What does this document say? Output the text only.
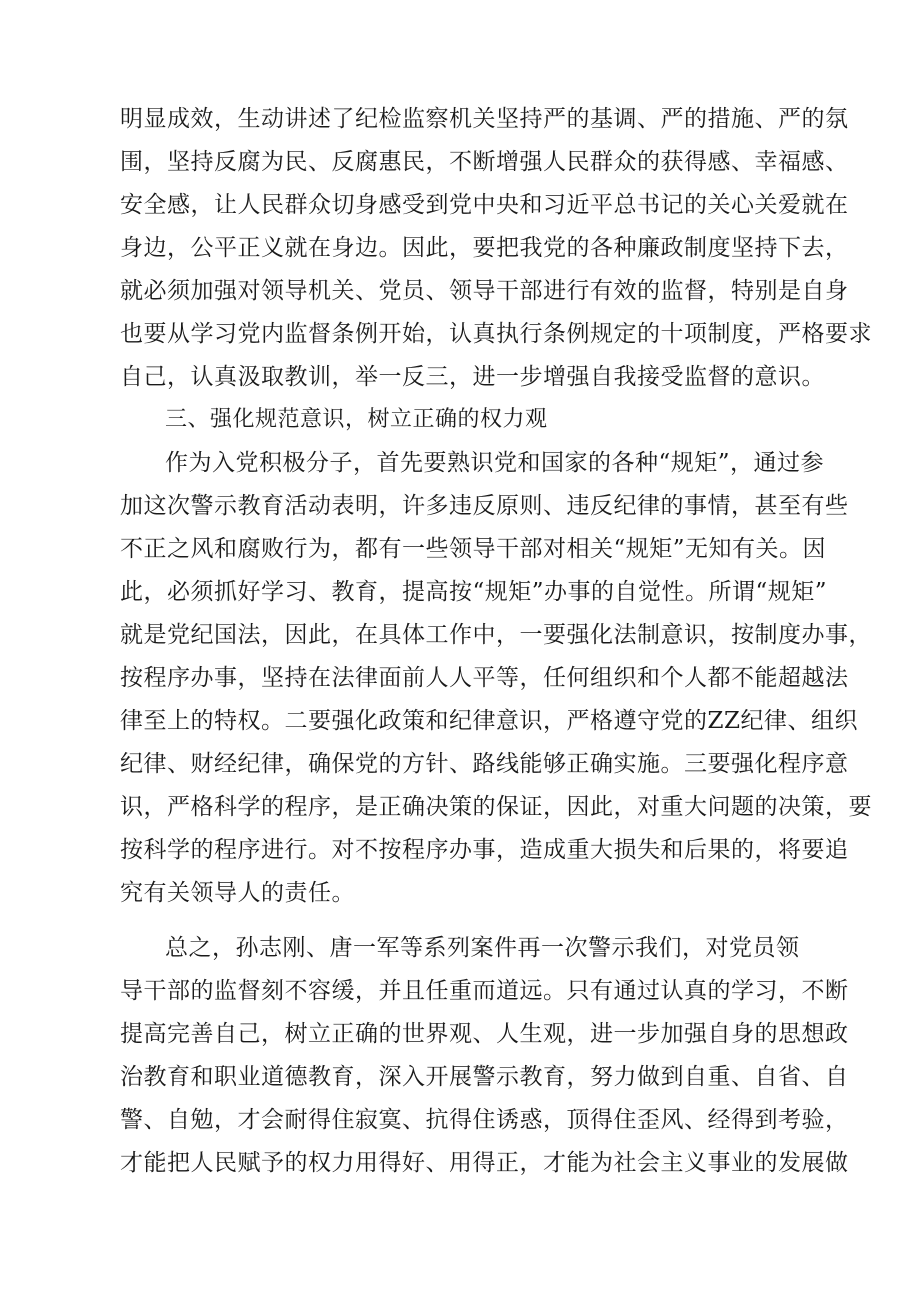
明显成效，生动讲述了纪检监察机关坚持严的基调、严的措施、严的氛
围，坚持反腐为民、反腐惠民，不断增强人民群众的获得感、幸福感、
安全感，让人民群众切身感受到党中央和习近平总书记的关心关爱就在
身边，公平正义就在身边。因此，要把我党的各种廉政制度坚持下去，
就必须加强对领导机关、党员、领导干部进行有效的监督，特别是自身
也要从学习党内监督条例开始，认真执行条例规定的十项制度，严格要求
自己，认真汲取教训，举一反三，进一步增强自我接受监督的意识。
三、强化规范意识，树立正确的权力观
作为入党积极分子，首先要熟识党和国家的各种“规矩”，通过参
加这次警示教育活动表明，许多违反原则、违反纪律的事情，甚至有些
不正之风和腐败行为，都有一些领导干部对相关“规矩”无知有关。因
此，必须抓好学习、教育，提高按“规矩”办事的自觉性。所谓“规矩”
就是党纪国法，因此，在具体工作中，一要强化法制意识，按制度办事，
按程序办事，坚持在法律面前人人平等，任何组织和个人都不能超越法
律至上的特权。二要强化政策和纪律意识，严格遵守党的ZZ纪律、组织
纪律、财经纪律，确保党的方针、路线能够正确实施。三要强化程序意
识，严格科学的程序，是正确决策的保证，因此，对重大问题的决策，要
按科学的程序进行。对不按程序办事，造成重大损失和后果的，将要追
究有关领导人的责任。
总之，孙志刚、唐一军等系列案件再一次警示我们，对党员领
导干部的监督刻不容缓，并且任重而道远。只有通过认真的学习，不断
提高完善自己，树立正确的世界观、人生观，进一步加强自身的思想政
治教育和职业道德教育，深入开展警示教育，努力做到自重、自省、自
警、自勉，才会耐得住寂寞、抗得住诱惑，顶得住歪风、经得到考验，
才能把人民赋予的权力用得好、用得正，才能为社会主义事业的发展做
